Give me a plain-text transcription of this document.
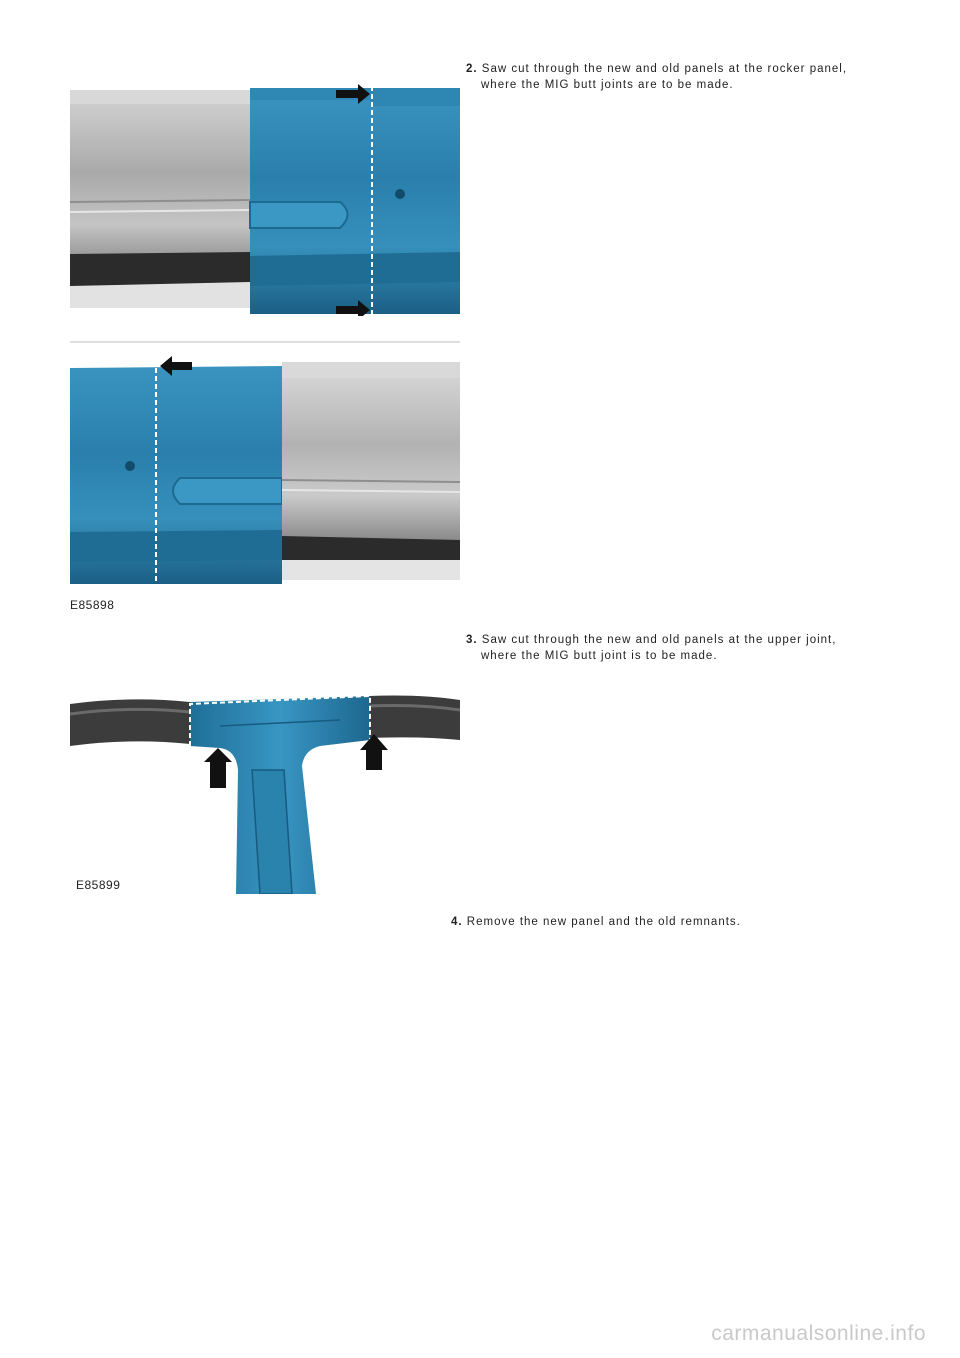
2. Saw cut through the new and old panels at the rocker panel,
where the MIG butt joints are to be made.
E85898
3. Saw cut through the new and old panels at the upper joint,
where the MIG butt joint is to be made.
E85899
4. Remove the new panel and the old remnants.
carmanualsonline.info
